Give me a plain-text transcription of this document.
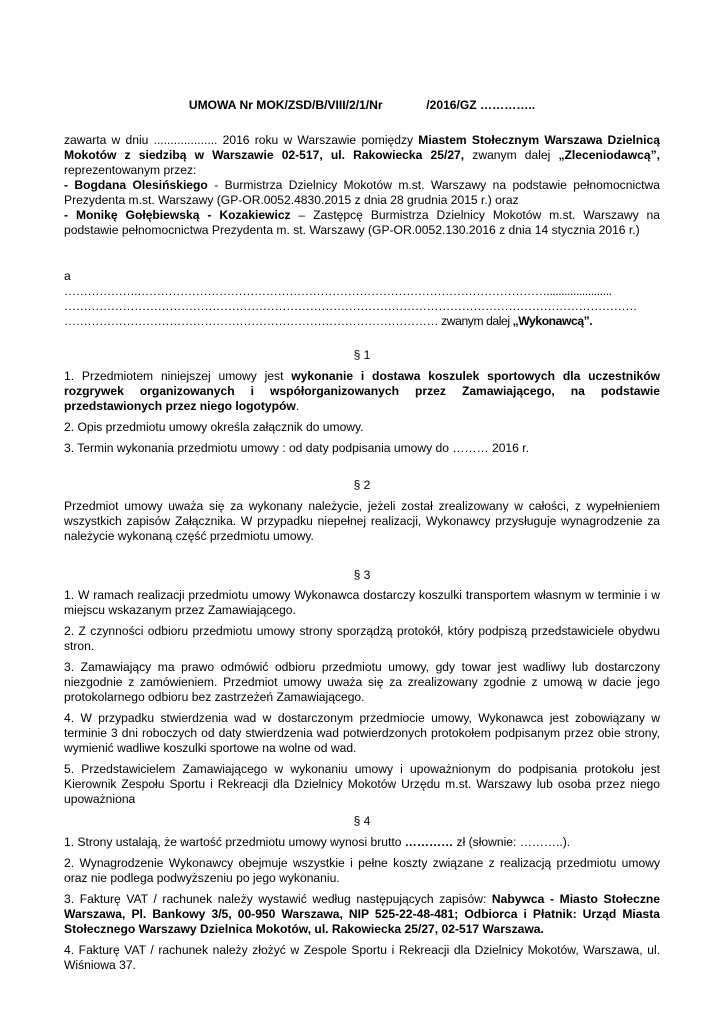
UMOWA Nr MOK/ZSD/B/VIII/2/1/Nr             /2016/GZ …………..

zawarta w dniu ................... 2016 roku w Warszawie pomiędzy Miastem Stołecznym Warszawa Dzielnicą Mokotów z siedzibą w Warszawie 02-517, ul. Rakowiecka 25/27, zwanym dalej „Zleceniodawcą”, reprezentowanym przez:

- Bogdana Olesińskiego - Burmistrza Dzielnicy Mokotów m.st. Warszawy na podstawie pełnomocnictwa Prezydenta m.st. Warszawy (GP-OR.0052.4830.2015 z dnia 28 grudnia 2015 r.) oraz

- Monikę Gołębiewską - Kozakiewicz – Zastępcę Burmistrza Dzielnicy Mokotów m.st. Warszawy na podstawie pełnomocnictwa Prezydenta m. st. Warszawy (GP-OR.0052.130.2016 z dnia 14 stycznia 2016 r.)

a

……………….……………………………………………………………………………………………......................
…………………………………………………………………………………………………………………………………
…………………………………………………………………………………… zwanym dalej „Wykonawcą”.

§ 1

1. Przedmiotem niniejszej umowy jest wykonanie i dostawa koszulek sportowych dla uczestników rozgrywek organizowanych i współorganizowanych przez Zamawiającego, na podstawie przedstawionych przez niego logotypów.

2. Opis przedmiotu umowy określa załącznik do umowy.

3. Termin wykonania przedmiotu umowy : od daty podpisania umowy do ……… 2016 r.

§ 2

Przedmiot umowy uważa się za wykonany należycie, jeżeli został zrealizowany w całości, z wypełnieniem wszystkich zapisów Załącznika. W przypadku niepełnej realizacji, Wykonawcy przysługuje wynagrodzenie za należycie wykonaną część przedmiotu umowy.

§ 3

1. W ramach realizacji przedmiotu umowy Wykonawca dostarczy koszulki transportem własnym w terminie i w miejscu wskazanym przez Zamawiającego.

2. Z czynności odbioru przedmiotu umowy strony sporządzą protokół, który podpiszą przedstawiciele obydwu stron.

3. Zamawiający ma prawo odmówić odbioru przedmiotu umowy, gdy towar jest wadliwy lub dostarczony niezgodnie z zamówieniem. Przedmiot umowy uważa się za zrealizowany zgodnie z umową w dacie jego protokolarnego odbioru bez zastrzeżeń Zamawiającego.

4. W przypadku stwierdzenia wad w dostarczonym przedmiocie umowy, Wykonawca jest zobowiązany w terminie 3 dni roboczych od daty stwierdzenia wad potwierdzonych protokołem podpisanym przez obie strony, wymienić wadliwe koszulki sportowe na wolne od wad.

5. Przedstawicielem Zamawiającego w wykonaniu umowy i upoważnionym do podpisania protokołu jest Kierownik Zespołu Sportu i Rekreacji dla Dzielnicy Mokotów Urzędu m.st. Warszawy lub osoba przez niego upoważniona

§ 4

1. Strony ustalają, że wartość przedmiotu umowy wynosi brutto ………… zł (słownie: ………..).

2. Wynagrodzenie Wykonawcy obejmuje wszystkie i pełne koszty związane z realizacją przedmiotu umowy oraz nie podlega podwyższeniu po jego wykonaniu.

3. Fakturę VAT / rachunek należy wystawić według następujących zapisów: Nabywca - Miasto Stołeczne Warszawa, Pl. Bankowy 3/5, 00-950 Warszawa, NIP 525-22-48-481; Odbiorca i Płatnik: Urząd Miasta Stołecznego Warszawy Dzielnica Mokotów, ul. Rakowiecka 25/27, 02-517 Warszawa.

4. Fakturę VAT / rachunek należy złożyć w Zespole Sportu i Rekreacji dla Dzielnicy Mokotów, Warszawa, ul. Wiśniowa 37.
